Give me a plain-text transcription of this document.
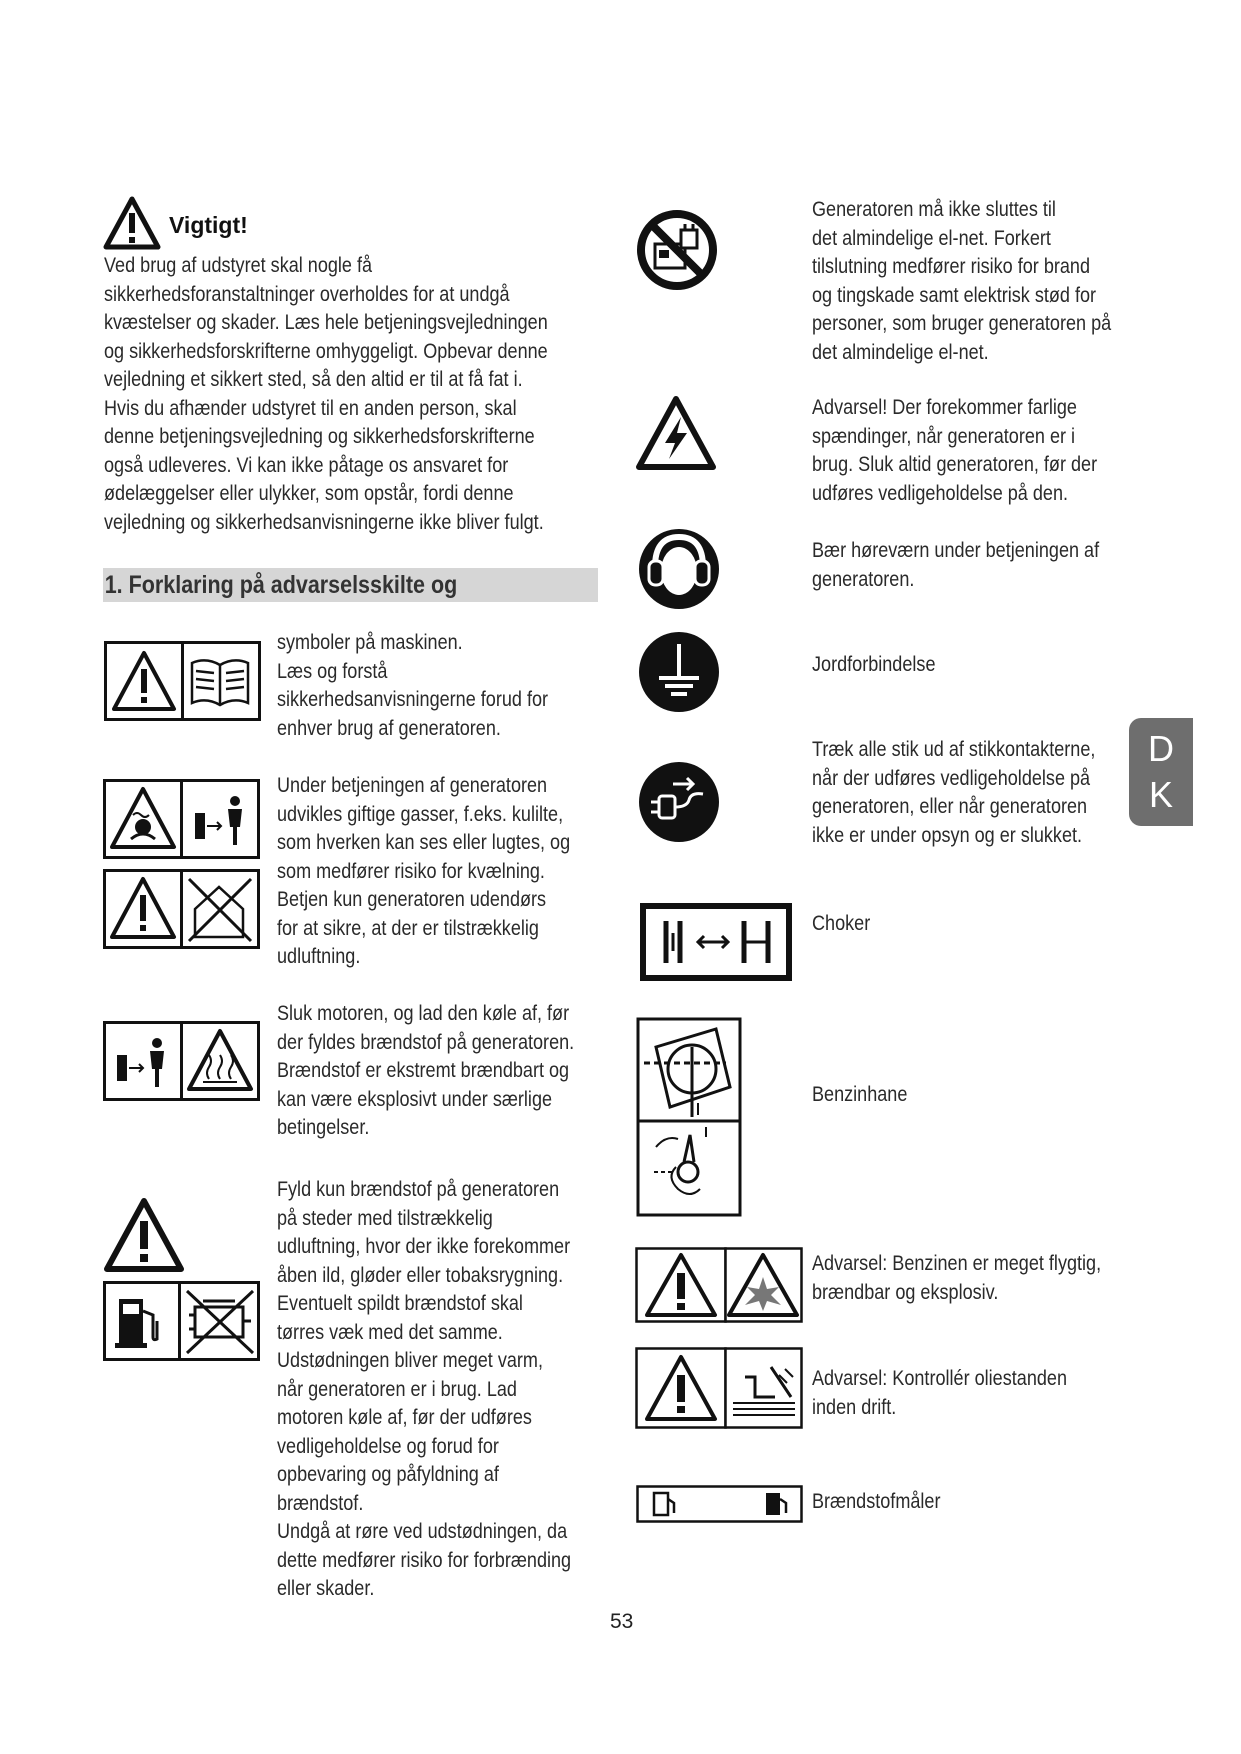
Vigtigt!
Ved brug af udstyret skal nogle få
sikkerhedsforanstaltninger overholdes for at undgå
kvæstelser og skader. Læs hele betjeningsvejledningen
og sikkerhedsforskrifterne omhyggeligt. Opbevar denne
vejledning et sikkert sted, så den altid er til at få fat i.
Hvis du afhænder udstyret til en anden person, skal
denne betjeningsvejledning og sikkerhedsforskrifterne
også udleveres. Vi kan ikke påtage os ansvaret for
ødelæggelser eller ulykker, som opstår, fordi denne
vejledning og sikkerhedsanvisningerne ikke bliver fulgt.
1. Forklaring på advarselsskilte og
symboler på maskinen.
Læs og forstå
sikkerhedsanvisningerne forud for
enhver brug af generatoren.
Under betjeningen af generatoren
udvikles giftige gasser, f.eks. kulilte,
som hverken kan ses eller lugtes, og
som medfører risiko for kvælning.
Betjen kun generatoren udendørs
for at sikre, at der er tilstrækkelig
udluftning.
Sluk motoren, og lad den køle af, før
der fyldes brændstof på generatoren.
Brændstof er ekstremt brændbart og
kan være eksplosivt under særlige
betingelser.
Fyld kun brændstof på generatoren
på steder med tilstrækkelig
udluftning, hvor der ikke forekommer
åben ild, gløder eller tobaksrygning.
Eventuelt spildt brændstof skal
tørres væk med det samme.
Udstødningen bliver meget varm,
når generatoren er i brug. Lad
motoren køle af, før der udføres
vedligeholdelse og forud for
opbevaring og påfyldning af
brændstof.
Undgå at røre ved udstødningen, da
dette medfører risiko for forbrænding
eller skader.
Generatoren må ikke sluttes til
det almindelige el-net. Forkert
tilslutning medfører risiko for brand
og tingskade samt elektrisk stød for
personer, som bruger generatoren på
det almindelige el-net.
Advarsel! Der forekommer farlige
spændinger, når generatoren er i
brug. Sluk altid generatoren, før der
udføres vedligeholdelse på den.
Bær høreværn under betjeningen af
generatoren.
Jordforbindelse
Træk alle stik ud af stikkontakterne,
når der udføres vedligeholdelse på
generatoren, eller når generatoren
ikke er under opsyn og er slukket.
Choker
Benzinhane
Advarsel: Benzinen er meget flygtig,
brændbar og eksplosiv.
Advarsel: Kontrollér oliestanden
inden drift.
Brændstofmåler
D
K
53
